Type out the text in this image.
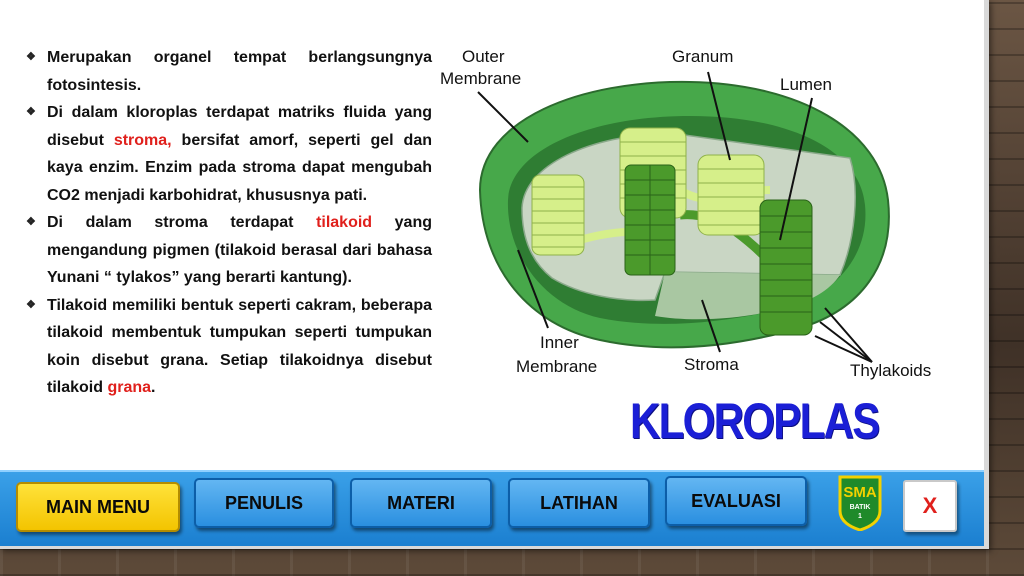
❖ Merupakan organel tempat berlangsungnya fotosintesis.
❖ Di dalam kloroplas terdapat matriks fluida yang disebut stroma, bersifat amorf, seperti gel dan kaya enzim. Enzim pada stroma dapat mengubah CO2 menjadi karbohidrat, khususnya pati.
❖ Di dalam stroma terdapat tilakoid yang mengandung pigmen (tilakoid berasal dari bahasa Yunani “ tylakos” yang berarti kantung).
❖ Tilakoid memiliki bentuk seperti cakram, beberapa tilakoid membentuk tumpukan seperti tumpukan koin disebut grana. Setiap tilakoidnya disebut tilakoid grana.
Outer
Membrane
Granum
Lumen
Inner
Membrane	Stroma	Thylakoids
KLOROPLAS
MAIN MENU	PENULIS	MATERI	LATIHAN	EVALUASI	SMA
BATIK
1	X
